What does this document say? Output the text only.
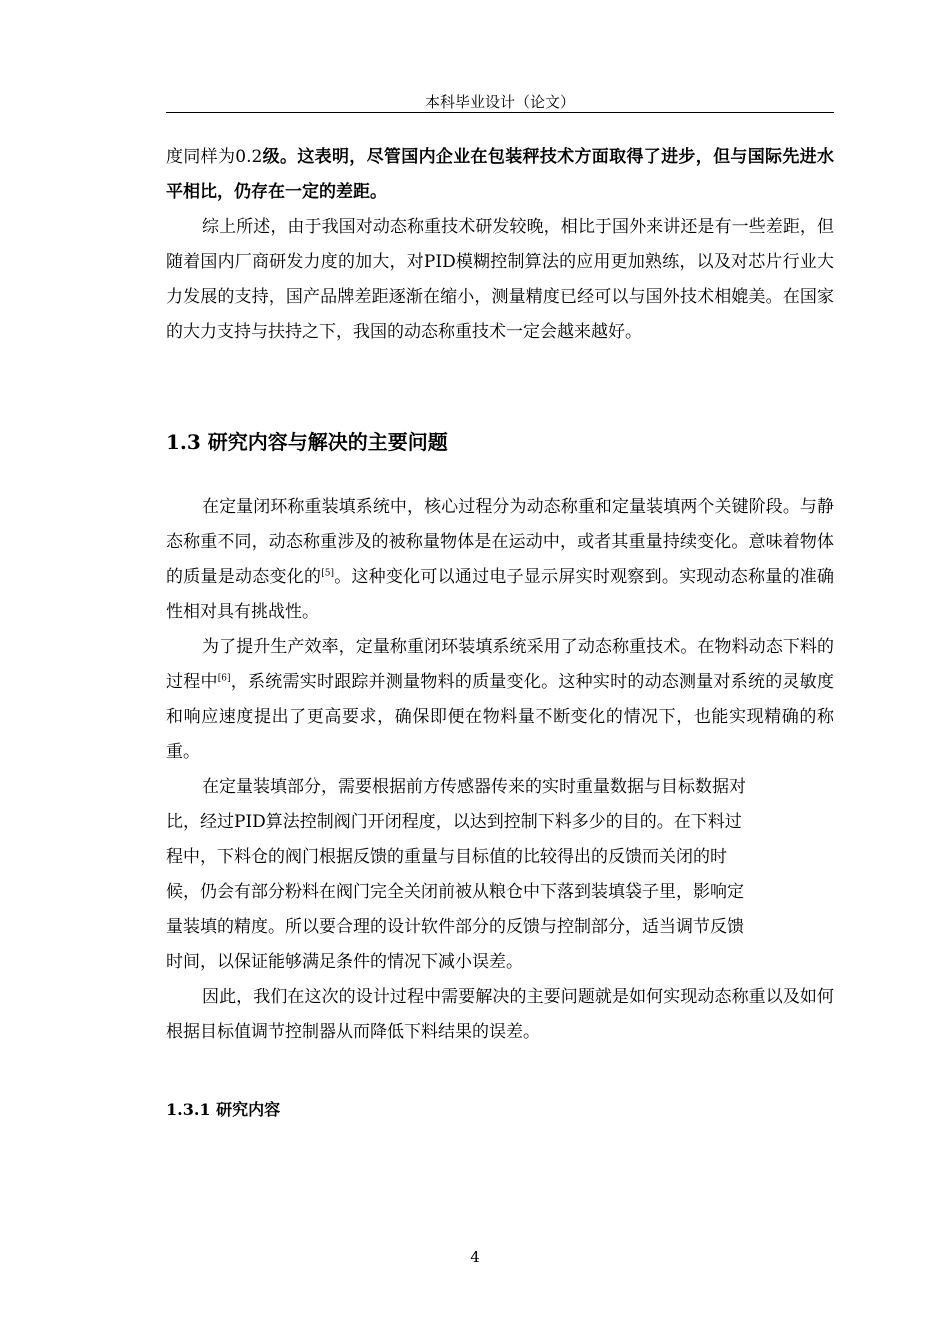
本科毕业设计（论文）

度同样为0.2级。这表明，尽管国内企业在包装秤技术方面取得了进步，但与国际先进水平相比，仍存在一定的差距。

综上所述，由于我国对动态称重技术研发较晚，相比于国外来讲还是有一些差距，但随着国内厂商研发力度的加大，对PID模糊控制算法的应用更加熟练，以及对芯片行业大力发展的支持，国产品牌差距逐渐在缩小，测量精度已经可以与国外技术相媲美。在国家的大力支持与扶持之下，我国的动态称重技术一定会越来越好。

1.3 研究内容与解决的主要问题

在定量闭环称重装填系统中，核心过程分为动态称重和定量装填两个关键阶段。与静态称重不同，动态称重涉及的被称量物体是在运动中，或者其重量持续变化。意味着物体的质量是动态变化的[5]。这种变化可以通过电子显示屏实时观察到。实现动态称量的准确性相对具有挑战性。

为了提升生产效率，定量称重闭环装填系统采用了动态称重技术。在物料动态下料的过程中[6]，系统需实时跟踪并测量物料的质量变化。这种实时的动态测量对系统的灵敏度和响应速度提出了更高要求，确保即便在物料量不断变化的情况下，也能实现精确的称重。

在定量装填部分，需要根据前方传感器传来的实时重量数据与目标数据对
比，经过PID算法控制阀门开闭程度，以达到控制下料多少的目的。在下料过
程中，下料仓的阀门根据反馈的重量与目标值的比较得出的反馈而关闭的时
候，仍会有部分粉料在阀门完全关闭前被从粮仓中下落到装填袋子里，影响定
量装填的精度。所以要合理的设计软件部分的反馈与控制部分，适当调节反馈
时间，以保证能够满足条件的情况下减小误差。

因此，我们在这次的设计过程中需要解决的主要问题就是如何实现动态称重以及如何根据目标值调节控制器从而降低下料结果的误差。

1.3.1 研究内容
4
